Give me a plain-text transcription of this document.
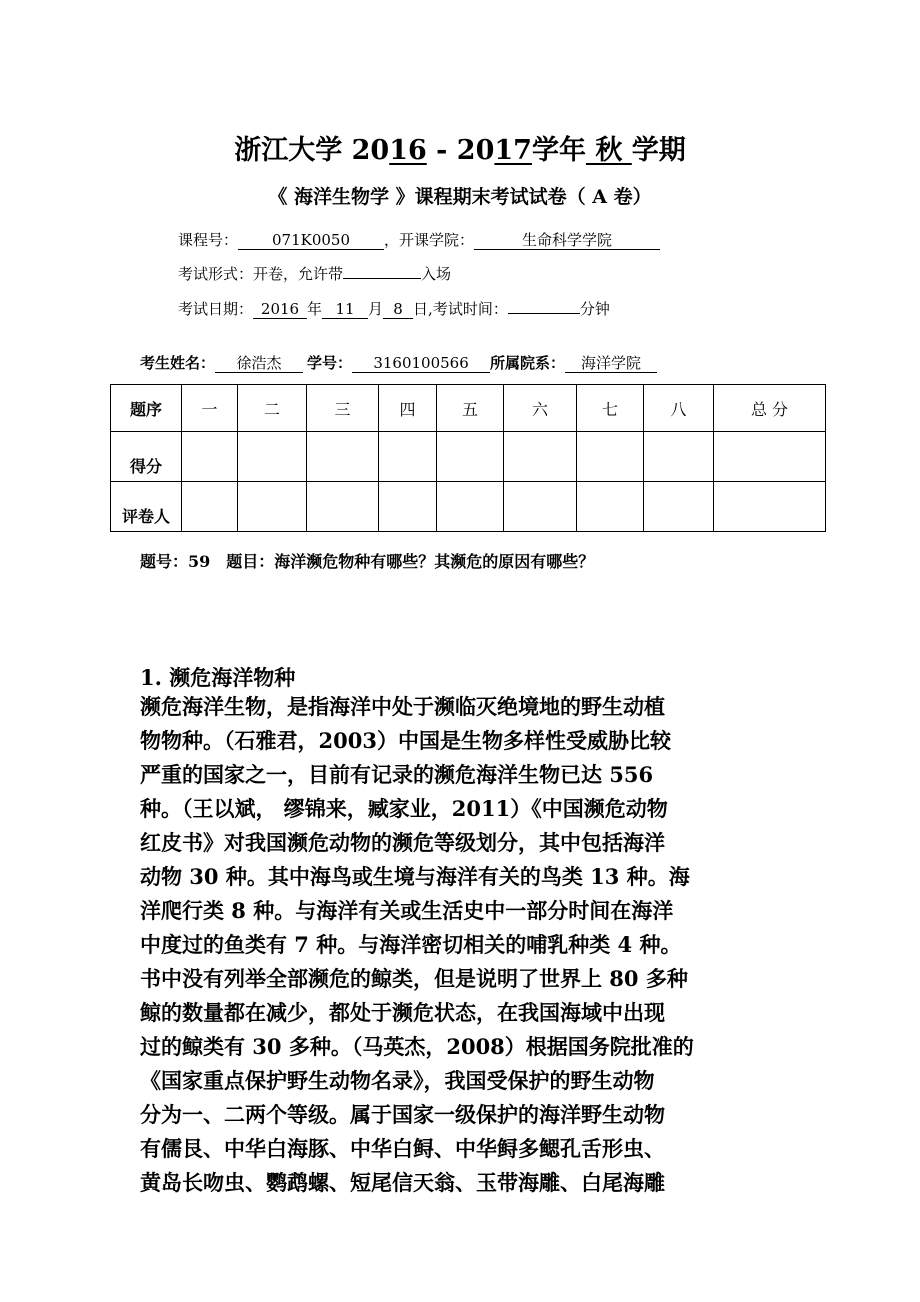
浙江大学 2016 - 2017学年 秋 学期
《 海洋生物学 》课程期末考试试卷（ A 卷）
课程号： 071K0050 ，开课学院：	生命科学学院
考试形式：开卷，允许带	入场
考试日期： 2016 年 11 月 8 日,考试时间：	分钟
考生姓名： 徐浩杰 学号： 3160100566 所属院系： 海洋学院
题序	一	二	三	四	五	六	七	八	总 分
得分									
评卷人									
题号：59　题目：海洋濒危物种有哪些？其濒危的原因有哪些？
1. 濒危海洋物种

濒危海洋生物，是指海洋中处于濒临灭绝境地的野生动植

物物种。（石雅君，2003）中国是生物多样性受威胁比较

严重的国家之一，目前有记录的濒危海洋生物已达 556

种。（王以斌， 缪锦来，臧家业，2011）《中国濒危动物

红皮书》对我国濒危动物的濒危等级划分，其中包括海洋

动物 30 种。其中海鸟或生境与海洋有关的鸟类 13 种。海

洋爬行类 8 种。与海洋有关或生活史中一部分时间在海洋

中度过的鱼类有 7 种。与海洋密切相关的哺乳种类 4 种。

书中没有列举全部濒危的鲸类，但是说明了世界上 80 多种

鲸的数量都在减少，都处于濒危状态，在我国海域中出现

过的鲸类有 30 多种。（马英杰，2008）根据国务院批准的

《国家重点保护野生动物名录》，我国受保护的野生动物

分为一、二两个等级。属于国家一级保护的海洋野生动物

有儒艮、中华白海豚、中华白鲟、中华鲟多鳃孔舌形虫、

黄岛长吻虫、鹦鹉螺、短尾信天翁、玉带海雕、白尾海雕
